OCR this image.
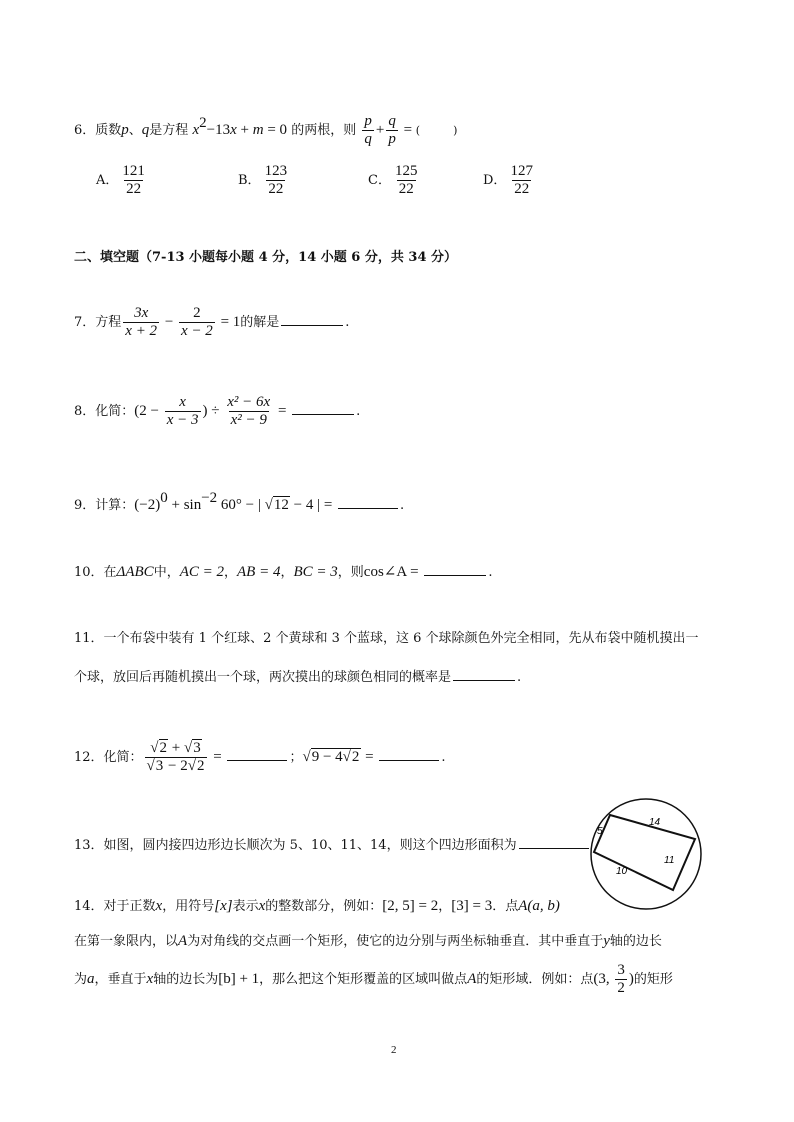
6．质数p、q是方程 $x^2-13x + m = 0$ 的两根，则 $\frac{p}{q} + \frac{q}{p}$ = (　　　)
A． $\frac{121}{22}$	B． $\frac{123}{22}$	C． $\frac{125}{22}$	D． $\frac{127}{22}$
二、填空题（7-13 小题每小题 4 分，14 小题 6 分，共 34 分）
7．方程 $\frac{3x}{x + 2} - \frac{2}{x - 2} = 1$的解是	.
8．化简：($2 - \frac{x}{x - 3}$ ) ÷ $\frac{\text{x² − 6x}}{\text{x² − 9}}$ =	.
9．计算：$(-2)^0 + \sin^{-2} 60^\circ$ − | √12 − 4 | =	.
10．在ΔABC中，AC = 2，AB = 4，BC = 3，则cos∠A =	.
11．一个布袋中装有 1 个红球、2 个黄球和 3 个蓝球，这 6 个球除颜色外完全相同，先从布袋中随机摸出一
个球，放回后再随机摸出一个球，两次摸出的球颜色相同的概率是	.
12．化简： $\frac{√2 + √3}{√3 - 2√2}$ =	；√9 − 4√2 =	.
13．如图，圆内接四边形边长顺次为 5、10、11、14，则这个四边形面积为
14
5
10
11
14．对于正数x，用符号[x]表示x的整数部分，例如：[2, 5] = 2，[3] = 3．点A(a, b)
在第一象限内，以A为对角线的交点画一个矩形，使它的边分别与两坐标轴垂直．其中垂直于y轴的边长
为a，垂直于x轴的边长为[b] + 1，那么把这个矩形覆盖的区域叫做点A的矩形域．例如：点(3, $\frac{3}{2}$ )的矩形
2
